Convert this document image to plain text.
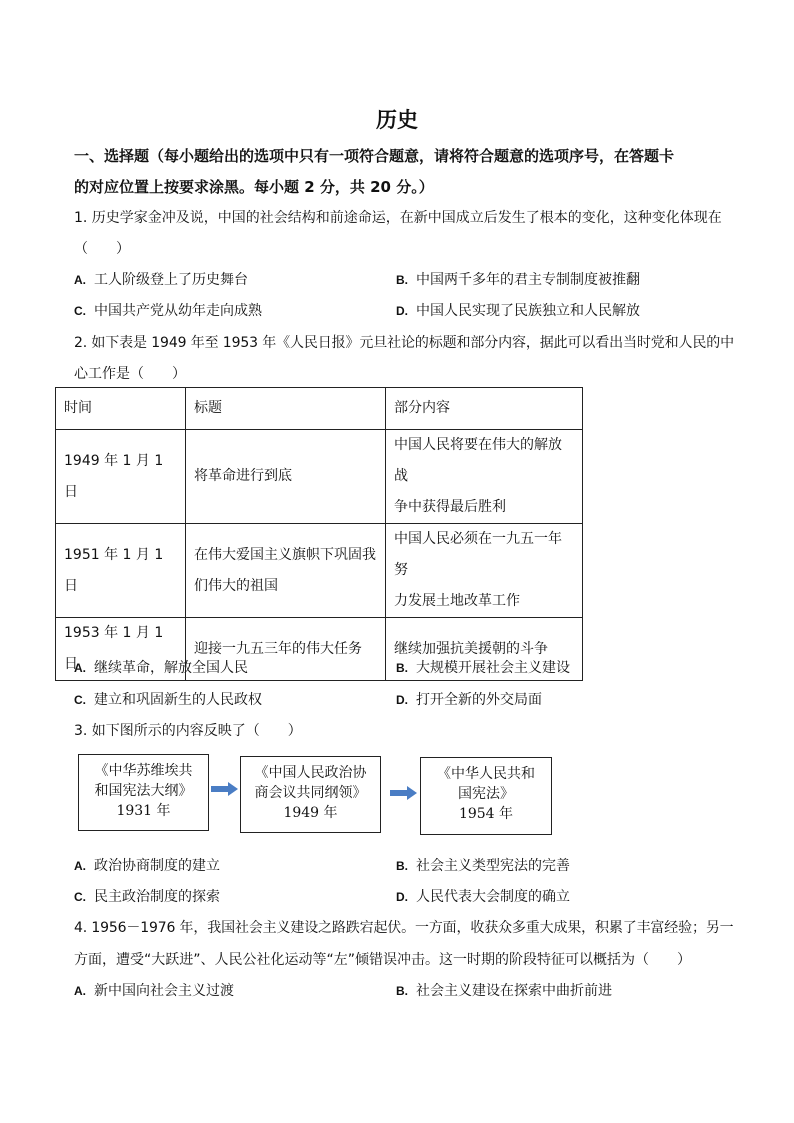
历史
一、选择题（每小题给出的选项中只有一项符合题意，请将符合题意的选项序号，在答题卡
的对应位置上按要求涂黑。每小题 2 分，共 20 分。）
1. 历史学家金冲及说，中国的社会结构和前途命运，在新中国成立后发生了根本的变化，这种变化体现在
（　　）
A. 工人阶级登上了历史舞台	B. 中国两千多年的君主专制制度被推翻
C. 中国共产党从幼年走向成熟	D. 中国人民实现了民族独立和人民解放
2. 如下表是 1949 年至 1953 年《人民日报》元旦社论的标题和部分内容，据此可以看出当时党和人民的中
心工作是（　　）
时间	标题	部分内容
1949 年 1 月 1 日	将革命进行到底	中国人民将要在伟大的解放战
争中获得最后胜利
1951 年 1 月 1 日	在伟大爱国主义旗帜下巩固我
们伟大的祖国	中国人民必须在一九五一年努
力发展土地改革工作
1953 年 1 月 1 日	迎接一九五三年的伟大任务	继续加强抗美援朝的斗争
A. 继续革命，解放全国人民	B. 大规模开展社会主义建设
C. 建立和巩固新生的人民政权	D. 打开全新的外交局面
3. 如下图所示的内容反映了（　　）
《中华苏维埃共
和国宪法大纲》
1931 年
《中国人民政治协
商会议共同纲领》
1949 年
《中华人民共和
国宪法》
1954 年
A. 政治协商制度的建立	B. 社会主义类型宪法的完善
C. 民主政治制度的探索	D. 人民代表大会制度的确立
4. 1956－1976 年，我国社会主义建设之路跌宕起伏。一方面，收获众多重大成果，积累了丰富经验；另一
方面，遭受“大跃进”、人民公社化运动等“左”倾错误冲击。这一时期的阶段特征可以概括为（　　）
A. 新中国向社会主义过渡	B. 社会主义建设在探索中曲折前进
